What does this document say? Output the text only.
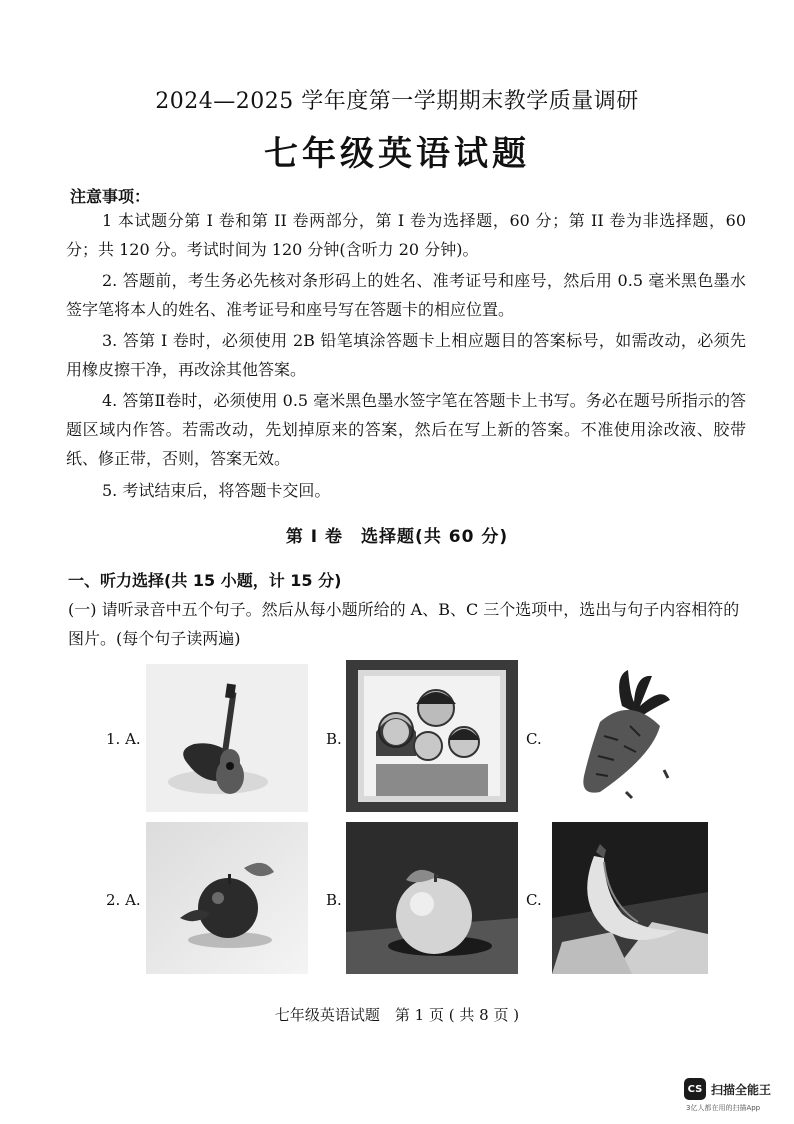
2024—2025 学年度第一学期期末教学质量调研
七年级英语试题
注意事项：
1 本试题分第 I 卷和第 II 卷两部分，第 I 卷为选择题，60 分；第 II 卷为非选择题，60 分；共 120 分。考试时间为 120 分钟(含听力 20 分钟)。
2. 答题前，考生务必先核对条形码上的姓名、准考证号和座号，然后用 0.5 毫米黑色墨水签字笔将本人的姓名、准考证号和座号写在答题卡的相应位置。
3. 答第 I 卷时，必须使用 2B 铅笔填涂答题卡上相应题目的答案标号，如需改动，必须先用橡皮擦干净，再改涂其他答案。
4. 答第Ⅱ卷时，必须使用 0.5 毫米黑色墨水签字笔在答题卡上书写。务必在题号所指示的答题区域内作答。若需改动，先划掉原来的答案，然后在写上新的答案。不准使用涂改液、胶带纸、修正带，否则，答案无效。
5. 考试结束后，将答题卡交回。
第 I 卷　选择题(共 60 分)
一、听力选择(共 15 小题，计 15 分)
(一) 请听录音中五个句子。然后从每小题所给的 A、B、C 三个选项中，选出与句子内容相符的图片。(每个句子读两遍)
1. A.	B.	C.
2. A.	B.	C.
七年级英语试题　第 1 页 ( 共 8 页 )
CS 扫描全能王
3亿人都在用的扫描App
